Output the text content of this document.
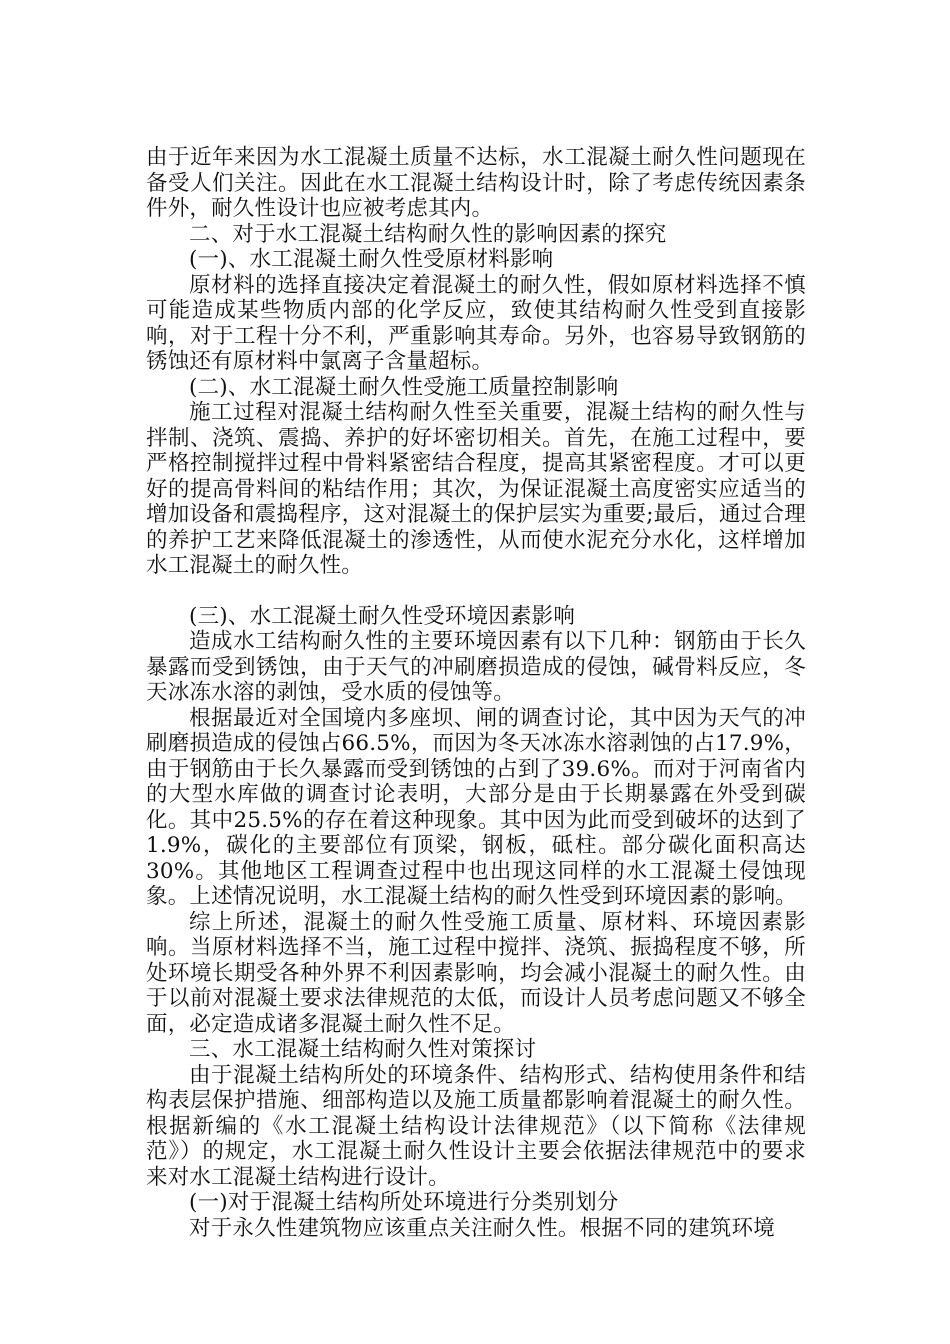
由于近年来因为水工混凝土质量不达标，水工混凝土耐久性问题现在备受人们关注。因此在水工混凝土结构设计时，除了考虑传统因素条件外，耐久性设计也应被考虑其内。

二、对于水工混凝土结构耐久性的影响因素的探究

(一)、水工混凝土耐久性受原材料影响

原材料的选择直接决定着混凝土的耐久性，假如原材料选择不慎可能造成某些物质内部的化学反应，致使其结构耐久性受到直接影响，对于工程十分不利，严重影响其寿命。另外，也容易导致钢筋的锈蚀还有原材料中氯离子含量超标。

(二)、水工混凝土耐久性受施工质量控制影响

施工过程对混凝土结构耐久性至关重要，混凝土结构的耐久性与拌制、浇筑、震捣、养护的好坏密切相关。首先，在施工过程中，要严格控制搅拌过程中骨料紧密结合程度，提高其紧密程度。才可以更好的提高骨料间的粘结作用；其次，为保证混凝土高度密实应适当的增加设备和震捣程序，这对混凝土的保护层实为重要;最后，通过合理的养护工艺来降低混凝土的渗透性，从而使水泥充分水化，这样增加水工混凝土的耐久性。

(三)、水工混凝土耐久性受环境因素影响

造成水工结构耐久性的主要环境因素有以下几种：钢筋由于长久暴露而受到锈蚀，由于天气的冲刷磨损造成的侵蚀，碱骨料反应，冬天冰冻水溶的剥蚀，受水质的侵蚀等。

根据最近对全国境内多座坝、闸的调查讨论，其中因为天气的冲刷磨损造成的侵蚀占66.5%，而因为冬天冰冻水溶剥蚀的占17.9%，由于钢筋由于长久暴露而受到锈蚀的占到了39.6%。而对于河南省内的大型水库做的调查讨论表明，大部分是由于长期暴露在外受到碳化。其中25.5%的存在着这种现象。其中因为此而受到破坏的达到了1.9%，碳化的主要部位有顶梁，钢板，砥柱。部分碳化面积高达30%。其他地区工程调查过程中也出现这同样的水工混凝土侵蚀现象。上述情况说明，水工混凝土结构的耐久性受到环境因素的影响。

综上所述，混凝土的耐久性受施工质量、原材料、环境因素影响。当原材料选择不当，施工过程中搅拌、浇筑、振捣程度不够，所处环境长期受各种外界不利因素影响，均会减小混凝土的耐久性。由于以前对混凝土要求法律规范的太低，而设计人员考虑问题又不够全面，必定造成诸多混凝土耐久性不足。

三、水工混凝土结构耐久性对策探讨

由于混凝土结构所处的环境条件、结构形式、结构使用条件和结构表层保护措施、细部构造以及施工质量都影响着混凝土的耐久性。根据新编的《水工混凝土结构设计法律规范》（以下简称《法律规范》）的规定，水工混凝土耐久性设计主要会依据法律规范中的要求来对水工混凝土结构进行设计。

(一)对于混凝土结构所处环境进行分类别划分

对于永久性建筑物应该重点关注耐久性。根据不同的建筑环境
